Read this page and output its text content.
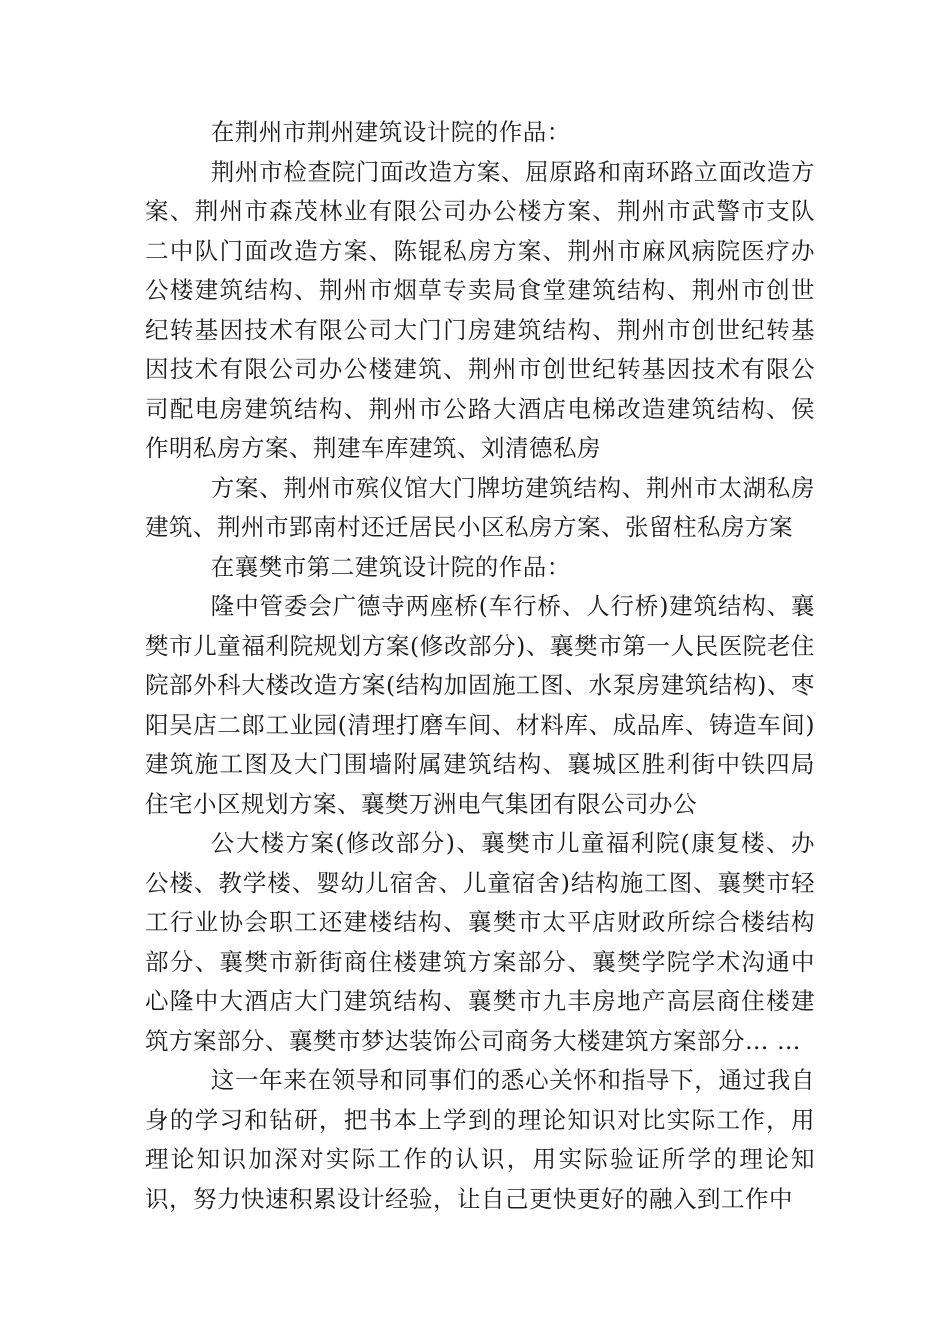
在荆州市荆州建筑设计院的作品：

荆州市检查院门面改造方案、屈原路和南环路立面改造方案、荆州市森茂林业有限公司办公楼方案、荆州市武警市支队二中队门面改造方案、陈锟私房方案、荆州市麻风病院医疗办公楼建筑结构、荆州市烟草专卖局食堂建筑结构、荆州市创世纪转基因技术有限公司大门门房建筑结构、荆州市创世纪转基因技术有限公司办公楼建筑、荆州市创世纪转基因技术有限公司配电房建筑结构、荆州市公路大酒店电梯改造建筑结构、侯作明私房方案、荆建车库建筑、刘清德私房

方案、荆州市殡仪馆大门牌坊建筑结构、荆州市太湖私房建筑、荆州市郢南村还迁居民小区私房方案、张留柱私房方案

在襄樊市第二建筑设计院的作品：

隆中管委会广德寺两座桥(车行桥、人行桥)建筑结构、襄樊市儿童福利院规划方案(修改部分)、襄樊市第一人民医院老住院部外科大楼改造方案(结构加固施工图、水泵房建筑结构)、枣阳吴店二郎工业园(清理打磨车间、材料库、成品库、铸造车间)建筑施工图及大门围墙附属建筑结构、襄城区胜利街中铁四局住宅小区规划方案、襄樊万洲电气集团有限公司办公

公大楼方案(修改部分)、襄樊市儿童福利院(康复楼、办公楼、教学楼、婴幼儿宿舍、儿童宿舍)结构施工图、襄樊市轻工行业协会职工还建楼结构、襄樊市太平店财政所综合楼结构部分、襄樊市新街商住楼建筑方案部分、襄樊学院学术沟通中心隆中大酒店大门建筑结构、襄樊市九丰房地产高层商住楼建筑方案部分、襄樊市梦达装饰公司商务大楼建筑方案部分… …

这一年来在领导和同事们的悉心关怀和指导下，通过我自身的学习和钻研，把书本上学到的理论知识对比实际工作，用理论知识加深对实际工作的认识，用实际验证所学的理论知识，努力快速积累设计经验，让自己更快更好的融入到工作中
